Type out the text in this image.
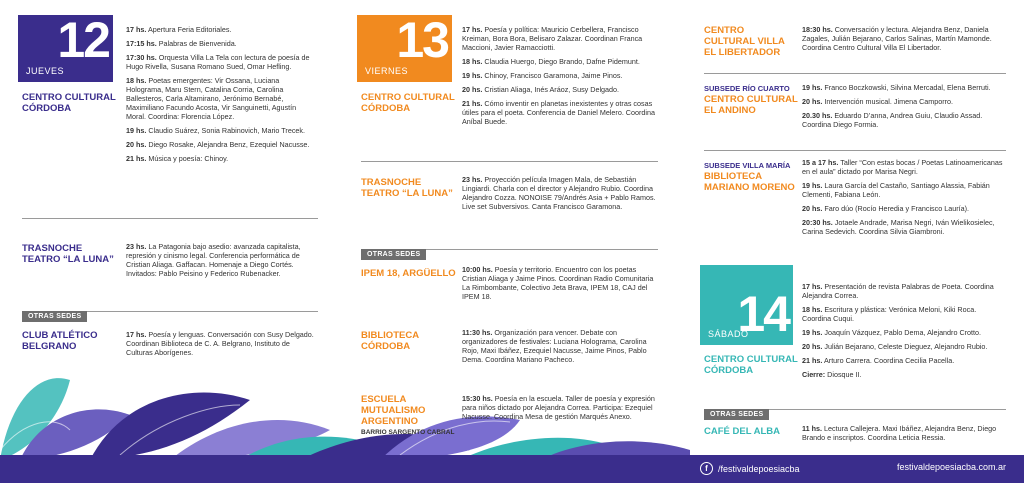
JUEVES
12
CENTRO CULTURAL CÓRDOBA
17 hs. Apertura Feria Editoriales.
17:15 hs. Palabras de Bienvenida.
17:30 hs. Orquesta Villa La Tela con lectura de poesía de Hugo Rivella, Susana Romano Sued, Omar Hefling.
18 hs. Poetas emergentes: Vir Ossana, Luciana Holograma, Maru Stern, Catalina Corria, Carolina Ballesteros, Carla Altamirano, Jerónimo Bernabé, Maximiliano Facundo Acosta, Vir Sanguinetti, Agustín Moral. Coordina: Florencia López.
19 hs. Claudio Suárez, Sonia Rabinovich, Mario Trecek.
20 hs. Diego Rosake, Alejandra Benz, Ezequiel Nacusse.
21 hs. Música y poesía: Chinoy.
TRASNOCHE TEATRO “LA LUNA”
23 hs. La Patagonia bajo asedio: avanzada capitalista, represión y cinismo legal. Conferencia performática de Cristian Aliaga. Gaffacan. Homenaje a Diego Cortés. Invitados: Pablo Peisino y Federico Rubenacker.
OTRAS SEDES
CLUB ATLÉTICO BELGRANO
17 hs. Poesía y lenguas. Conversación con Susy Delgado. Coordinan Biblioteca de C. A. Belgrano, Instituto de Culturas Aborígenes.
VIERNES
13
CENTRO CULTURAL CÓRDOBA
17 hs. Poesía y política: Mauricio Cerbellera, Francisco Kreiman, Bora Bora, Belisaro Zalazar. Coordinan Franca Maccioni, Javier Ramacciotti.
18 hs. Claudia Huergo, Diego Brando, Dafne Pidemunt.
19 hs. Chinoy, Francisco Garamona, Jaime Pinos.
20 hs. Cristian Aliaga, Inés Aráoz, Susy Delgado.
21 hs. Cómo inventir en planetas inexistentes y otras cosas útiles para el poeta. Conferencia de Daniel Melero. Coordina Aníbal Buede.
TRASNOCHE TEATRO “LA LUNA”
23 hs. Proyección película Imagen Mala, de Sebastián Lingiardi. Charla con el director y Alejandro Rubio. Coordina Alejandro Cozza. NONOISE 79/Andrés Asia + Pablo Ramos. Live set Subversivos. Canta Francisco Garamona.
OTRAS SEDES
IPEM 18, ARGÜELLO 10:00 hs. Poesía y territorio. Encuentro con los poetas Cristian Aliaga y Jaime Pinos. Coordinan Radio Comunitaria La Rimbombante, Colectivo Jeta Brava, IPEM 18, CAJ del IPEM 18.
BIBLIOTECA CÓRDOBA
11:30 hs. Organización para vencer. Debate con organizadores de festivales: Luciana Holograma, Carolina Rojo, Maxi Ibáñez, Ezequiel Nacusse, Jaime Pinos, Pablo Dema. Coordina Mariano Pacheco.
ESCUELA MUTUALISMO ARGENTINO
BARRIO SARGENTO CABRAL
15:30 hs. Poesía en la escuela. Taller de poesía y expresión para niños dictado por Alejandra Correa. Participa: Ezequiel Nacusse. Coordina Mesa de gestión Marqués Anexo.
CENTRO CULTURAL VILLA EL LIBERTADOR
18:30 hs. Conversación y lectura. Alejandra Benz, Daniela Zagales, Julián Bejarano, Carlos Salinas, Martín Mamonde. Coordina Centro Cultural Villa El Libertador.
SUBSEDE RÍO CUARTO
CENTRO CULTURAL EL ANDINO
19 hs. Franco Boczkowski, Silvina Mercadal, Elena Berruti.
20 hs. Intervención musical. Jimena Camporro.
20.30 hs. Eduardo D’anna, Andrea Guiu, Claudio Assad. Coordina Diego Formia.
SUBSEDE VILLA MARÍA
BIBLIOTECA MARIANO MORENO
15 a 17 hs. Taller “Con estas bocas / Poetas Latinoamericanas en el aula” dictado por Marisa Negri.
19 hs. Laura García del Castaño, Santiago Alassia, Fabián Clementi, Fabiana León.
20 hs. Faro dúo (Rocío Heredia y Francisco Lauría).
20:30 hs. Jotaele Andrade, Marisa Negri, Iván Wielikosielec, Carina Sedevich. Coordina Silvia Giambroni.
SÁBADO
14
CENTRO CULTURAL CÓRDOBA
17 hs. Presentación de revista Palabras de Poeta. Coordina Alejandra Correa.
18 hs. Escritura y plástica: Verónica Meloni, Kiki Roca. Coordina Cuqui.
19 hs. Joaquín Vázquez, Pablo Dema, Alejandro Crotto.
20 hs. Julián Bejarano, Celeste Dieguez, Alejandro Rubio.
21 hs. Arturo Carrera. Coordina Cecilia Pacella.
Cierre: Diosque II.
OTRAS SEDES
CAFÉ DEL ALBA	11 hs. Lectura Callejera. Maxi Ibáñez, Alejandra Benz, Diego Brando e inscriptos. Coordina Leticia Ressia.
f	/festivaldepoesiacba	festivaldepoesiacba.com.ar
